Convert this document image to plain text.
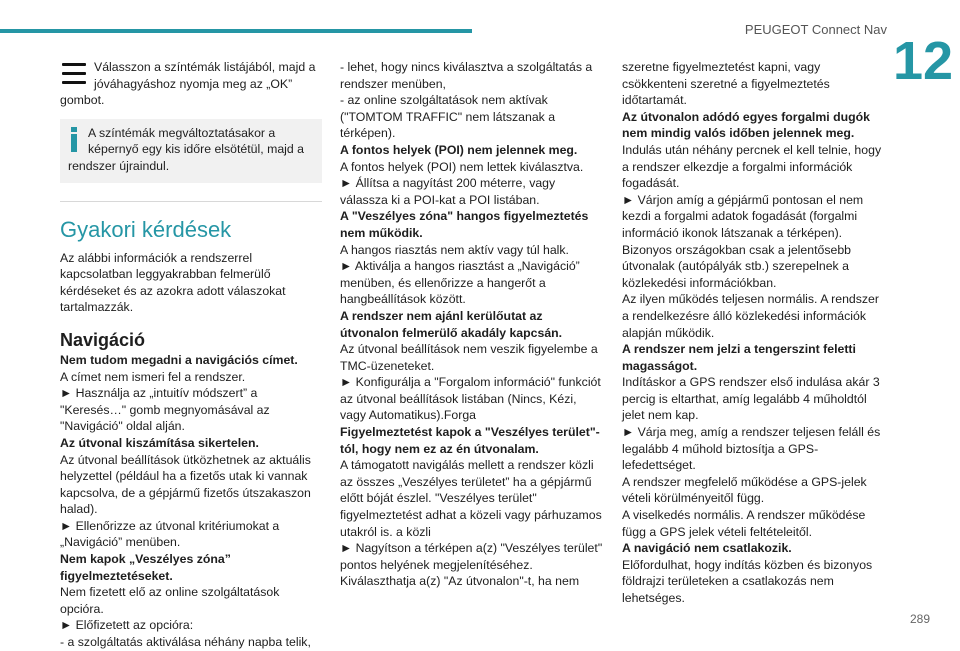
PEUGEOT Connect Nav
12

Válasszon a színtémák listájából, majd a jóváhagyáshoz nyomja meg az „OK” gombot.

A színtémák megváltoztatásakor a képernyő egy kis időre elsötétül, majd a rendszer újraindul.

Gyakori kérdések

Az alábbi információk a rendszerrel kapcsolatban leggyakrabban felmerülő kérdéseket és az azokra adott válaszokat tartalmazzák.

Navigáció

Nem tudom megadni a navigációs címet.

A címet nem ismeri fel a rendszer.

► Használja az „intuitív módszert” a "Keresés…" gomb megnyomásával az "Navigáció" oldal alján.

Az útvonal kiszámítása sikertelen.

Az útvonal beállítások ütközhetnek az aktuális helyzettel (például ha a fizetős utak ki vannak kapcsolva, de a gépjármű fizetős útszakaszon halad).

► Ellenőrizze az útvonal kritériumokat a „Navigáció” menüben.

Nem kapok „Veszélyes zóna” figyelmeztetéseket.

Nem fizetett elő az online szolgáltatások opcióra.

► Előfizetett az opcióra:

- a szolgáltatás aktiválása néhány napba telik,

- lehet, hogy nincs kiválasztva a szolgáltatás a rendszer menüben,

- az online szolgáltatások nem aktívak ("TOMTOM TRAFFIC" nem látszanak a térképen).

A fontos helyek (POI) nem jelennek meg.

A fontos helyek (POI) nem lettek kiválasztva.

► Állítsa a nagyítást 200 méterre, vagy válassza ki a POI-kat a POI listában.

A "Veszélyes zóna" hangos figyelmeztetés nem működik.

A hangos riasztás nem aktív vagy túl halk.

► Aktiválja a hangos riasztást a „Navigáció” menüben, és ellenőrizze a hangerőt a hangbeállítások között.

A rendszer nem ajánl kerülőutat az útvonalon felmerülő akadály kapcsán.

Az útvonal beállítások nem veszik figyelembe a TMC-üzeneteket.

► Konfigurálja a "Forgalom információ" funkciót az útvonal beállítások listában (Nincs, Kézi, vagy Automatikus).Forga

Figyelmeztetést kapok a "Veszélyes terület"-tól, hogy nem ez az én útvonalam.

A támogatott navigálás mellett a rendszer közli az összes „Veszélyes területet” ha a gépjármű előtt bóját észlel. "Veszélyes terület" figyelmeztetést adhat a közeli vagy párhuzamos utakról is. a közli

► Nagyítson a térképen a(z) "Veszélyes terület" pontos helyének megjelenítéséhez. Kiválaszthatja a(z) "Az útvonalon"-t, ha nem

szeretne figyelmeztetést kapni, vagy csökkenteni szeretné a figyelmeztetés időtartamát.

Az útvonalon adódó egyes forgalmi dugók nem mindig valós időben jelennek meg.

Indulás után néhány percnek el kell telnie, hogy a rendszer elkezdje a forgalmi információk fogadását.

► Várjon amíg a gépjármű pontosan el nem kezdi a forgalmi adatok fogadását (forgalmi információ ikonok látszanak a térképen).

Bizonyos országokban csak a jelentősebb útvonalak (autópályák stb.) szerepelnek a közlekedési információkban.

Az ilyen működés teljesen normális. A rendszer a rendelkezésre álló közlekedési információk alapján működik.

A rendszer nem jelzi a tengerszint feletti magasságot.

Indításkor a GPS rendszer első indulása akár 3 percig is eltarthat, amíg legalább 4 műholdtól jelet nem kap.

► Várja meg, amíg a rendszer teljesen feláll és legalább 4 műhold biztosítja a GPS-lefedettséget.

A rendszer megfelelő működése a GPS-jelek vételi körülményeitől függ.

A viselkedés normális. A rendszer működése függ a GPS jelek vételi feltételeitől.

A navigáció nem csatlakozik.

Előfordulhat, hogy indítás közben és bizonyos földrajzi területeken a csatlakozás nem lehetséges.

289
